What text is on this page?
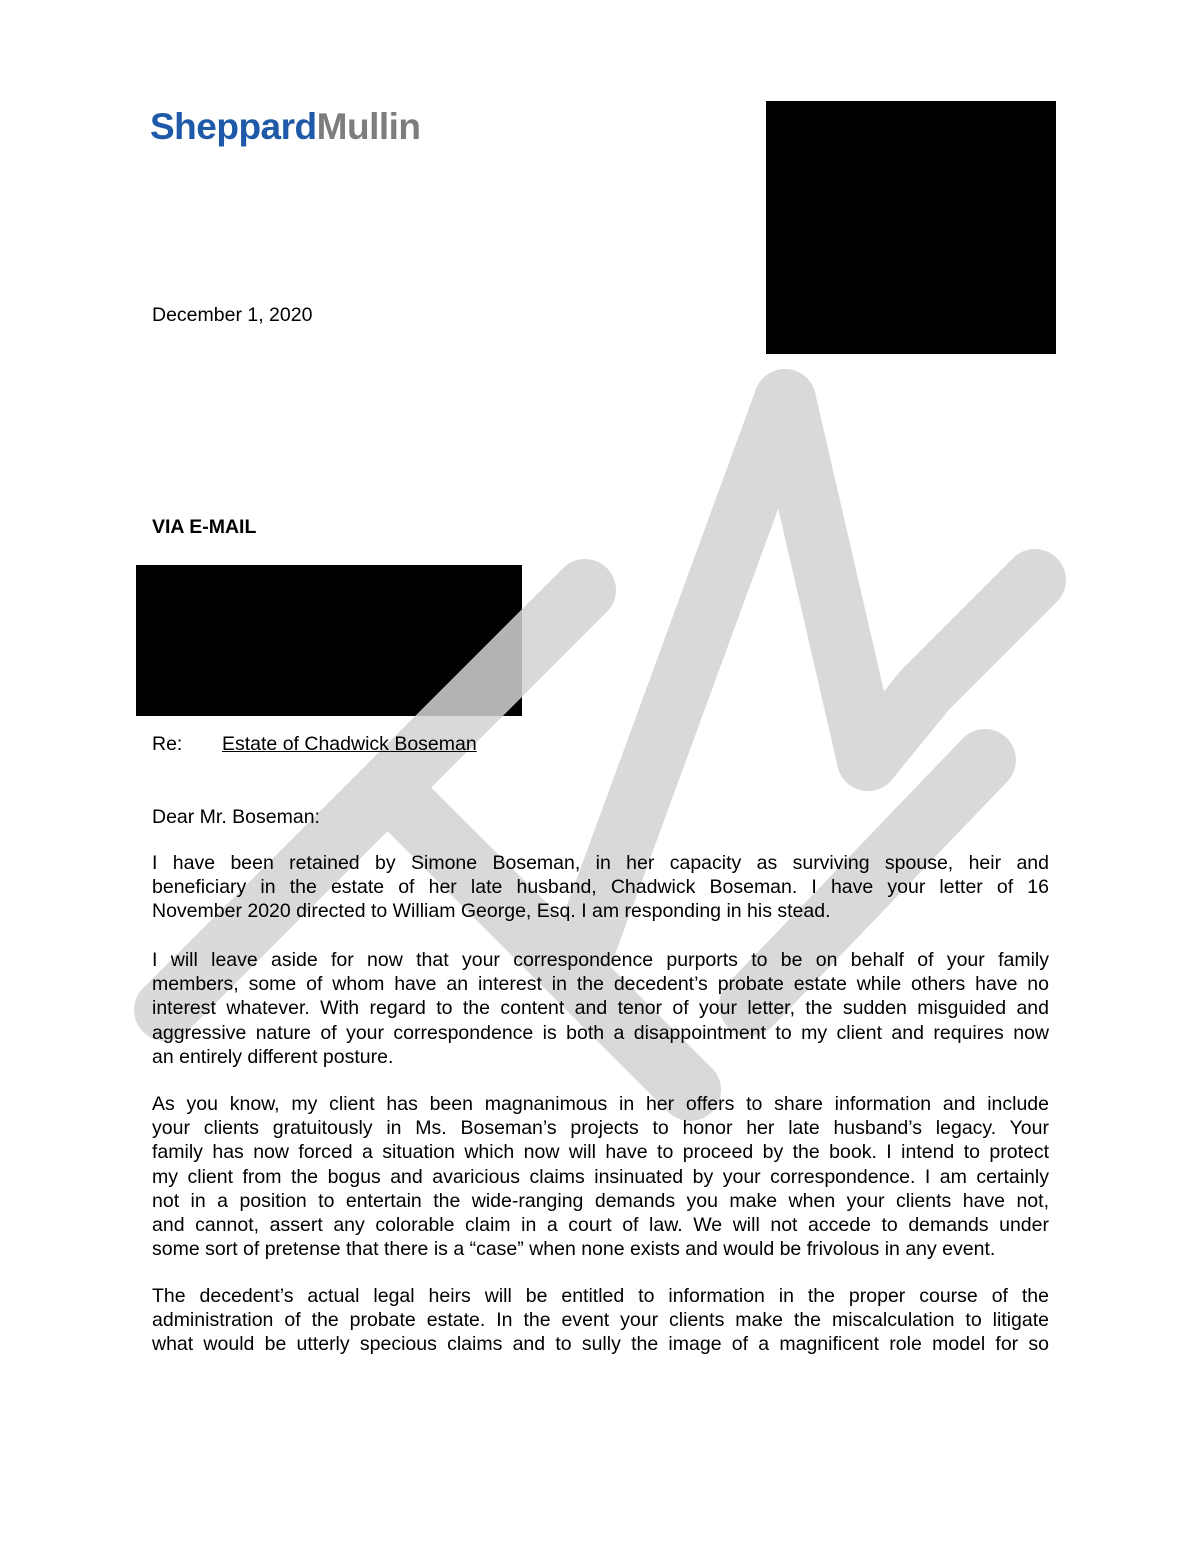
SheppardMullin
December 1, 2020
VIA E-MAIL
Re: Estate of Chadwick Boseman
Dear Mr. Boseman:
I have been retained by Simone Boseman, in her capacity as surviving spouse, heir and
beneficiary in the estate of her late husband, Chadwick Boseman. I have your letter of 16
November 2020 directed to William George, Esq. I am responding in his stead.
I will leave aside for now that your correspondence purports to be on behalf of your family
members, some of whom have an interest in the decedent’s probate estate while others have no
interest whatever. With regard to the content and tenor of your letter, the sudden misguided and
aggressive nature of your correspondence is both a disappointment to my client and requires now
an entirely different posture.
As you know, my client has been magnanimous in her offers to share information and include
your clients gratuitously in Ms. Boseman’s projects to honor her late husband’s legacy. Your
family has now forced a situation which now will have to proceed by the book. I intend to protect
my client from the bogus and avaricious claims insinuated by your correspondence. I am certainly
not in a position to entertain the wide-ranging demands you make when your clients have not,
and cannot, assert any colorable claim in a court of law. We will not accede to demands under
some sort of pretense that there is a “case” when none exists and would be frivolous in any event.
The decedent’s actual legal heirs will be entitled to information in the proper course of the
administration of the probate estate. In the event your clients make the miscalculation to litigate
what would be utterly specious claims and to sully the image of a magnificent role model for so
